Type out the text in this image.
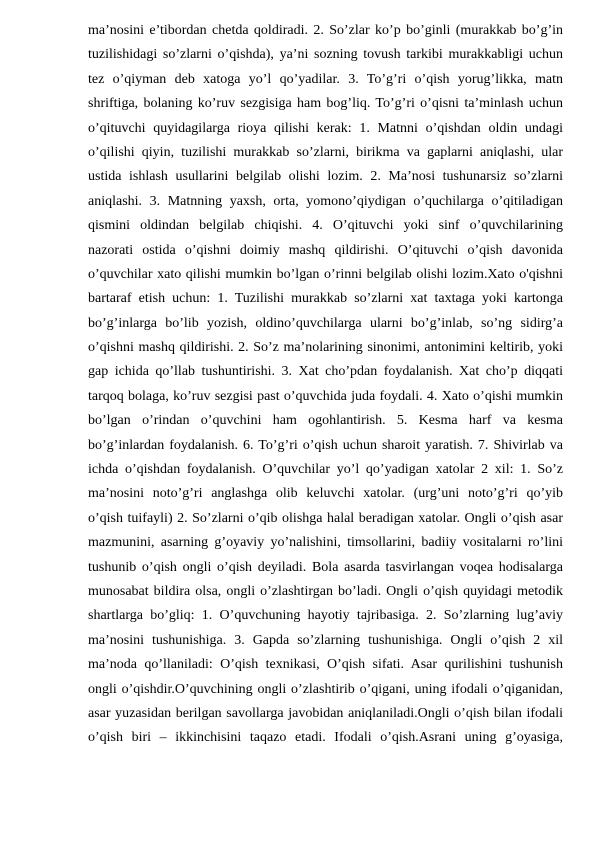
ma’nosini e’tibordan chetda qoldiradi. 2. So’zlar ko’p bo’ginli (murakkab bo’g’in
tuzilishidagi so’zlarni o’qishda), ya’ni sozning tovush tarkibi murakkabligi uchun
tez o’qiyman deb xatoga yo’l qo’yadilar. 3. To’g’ri o’qish yorug’likka, matn
shriftiga, bolaning ko’ruv sezgisiga ham bog’liq. To’g’ri o’qisni ta’minlash uchun
o’qituvchi quyidagilarga rioya qilishi kerak: 1. Matnni o’qishdan oldin undagi
o’qilishi qiyin, tuzilishi murakkab so’zlarni, birikma va gaplarni aniqlashi, ular
ustida ishlash usullarini belgilab olishi lozim. 2. Ma’nosi tushunarsiz so’zlarni
aniqlashi. 3. Matnning yaxsh, orta, yomono’qiydigan o’quchilarga o’qitiladigan
qismini oldindan belgilab chiqishi. 4. O’qituvchi yoki sinf o’quvchilarining
nazorati ostida o’qishni doimiy mashq qildirishi. O’qituvchi o’qish davonida
o’quvchilar xato qilishi mumkin bo’lgan o’rinni belgilab olishi lozim.Xato o'qishni
bartaraf etish uchun: 1. Tuzilishi murakkab so’zlarni xat taxtaga yoki kartonga
bo’g’inlarga bo’lib yozish, oldino’quvchilarga ularni bo’g’inlab, so’ng sidirg’a
o’qishni mashq qildirishi. 2. So’z ma’nolarining sinonimi, antonimini keltirib, yoki
gap ichida qo’llab tushuntirishi. 3. Xat cho’pdan foydalanish. Xat cho’p diqqati
tarqoq bolaga, ko’ruv sezgisi past o’quvchida juda foydali. 4. Xato o’qishi mumkin
bo’lgan o’rindan o’quvchini ham ogohlantirish. 5. Kesma harf va kesma
bo’g’inlardan foydalanish. 6. To’g’ri o’qish uchun sharoit yaratish. 7. Shivirlab va
ichda o’qishdan foydalanish. O’quvchilar yo’l qo’yadigan xatolar 2 xil: 1. So’z
ma’nosini noto’g’ri anglashga olib keluvchi xatolar. (urg’uni noto’g’ri qo’yib
o’qish tuifayli) 2. So’zlarni o’qib olishga halal beradigan xatolar. Ongli o’qish asar
mazmunini, asarning g’oyaviy yo’nalishini, timsollarini, badiiy vositalarni ro’lini
tushunib o’qish ongli o’qish deyiladi. Bola asarda tasvirlangan voqea hodisalarga
munosabat bildira olsa, ongli o’zlashtirgan bo’ladi. Ongli o’qish quyidagi metodik
shartlarga bo’gliq: 1. O’quvchuning hayotiy tajribasiga. 2. So’zlarning lug’aviy
ma’nosini tushunishiga. 3. Gapda so’zlarning tushunishiga. Ongli o’qish 2 xil
ma’noda qo’llaniladi: O’qish texnikasi, O’qish sifati. Asar qurilishini tushunish
ongli o’qishdir.O’quvchining ongli o’zlashtirib o’qigani, uning ifodali o’qiganidan,
asar yuzasidan berilgan savollarga javobidan aniqlaniladi.Ongli o’qish bilan ifodali
o’qish biri – ikkinchisini taqazo etadi. Ifodali o’qish.Asrani uning g’oyasiga,
